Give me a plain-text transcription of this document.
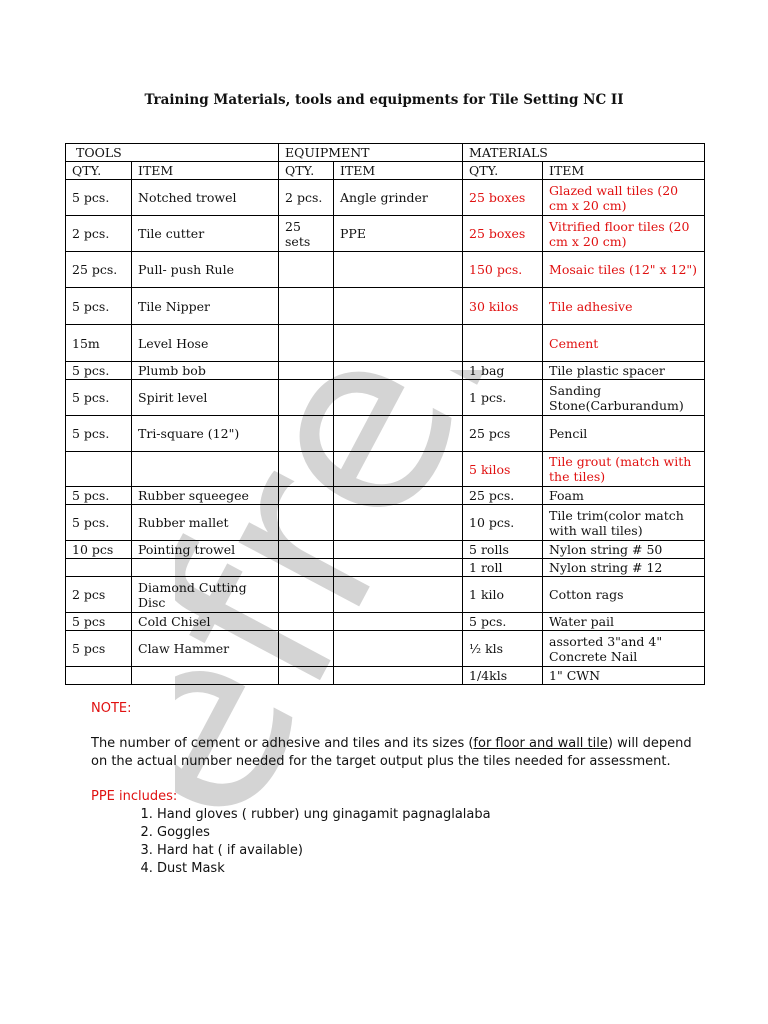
efren
Training Materials, tools and equipments for Tile Setting NC II
TOOLS		EQUIPMENT		MATERIALS	
QTY.	ITEM	QTY.	ITEM	QTY.	ITEM
5 pcs.	Notched trowel	2 pcs.	Angle grinder	25 boxes	Glazed wall tiles (20 cm x 20 cm)
2 pcs.	Tile cutter	25 sets	PPE	25 boxes	Vitrified floor tiles (20 cm x 20 cm)
25 pcs.	Pull- push Rule			150 pcs.	Mosaic tiles (12" x 12")
5 pcs.	Tile Nipper			30 kilos	Tile adhesive
15m	Level Hose				Cement
5 pcs.	Plumb bob			1 bag	Tile plastic spacer
5 pcs.	Spirit level			1 pcs.	Sanding Stone(Carburandum)
5 pcs.	Tri-square (12")			25 pcs	Pencil
				5 kilos	Tile grout (match with the tiles)
5 pcs.	Rubber squeegee			25 pcs.	Foam
5 pcs.	Rubber mallet			10 pcs.	Tile trim(color match with wall tiles)
10 pcs	Pointing trowel			5 rolls	Nylon string # 50
				1 roll	Nylon string # 12
2 pcs	Diamond Cutting Disc			1 kilo	Cotton rags
5 pcs	Cold Chisel			5 pcs.	Water pail
5 pcs	Claw Hammer			½ kls	assorted 3"and 4" Concrete Nail
				1/4kls	1" CWN
NOTE:
The number of cement or adhesive and tiles and its sizes (for floor and wall tile) will depend on the actual number needed for the target output plus the tiles needed for assessment.
PPE includes:
1. Hand gloves ( rubber) ung ginagamit pagnaglalaba
2. Goggles
3. Hard hat ( if available)
4. Dust Mask
